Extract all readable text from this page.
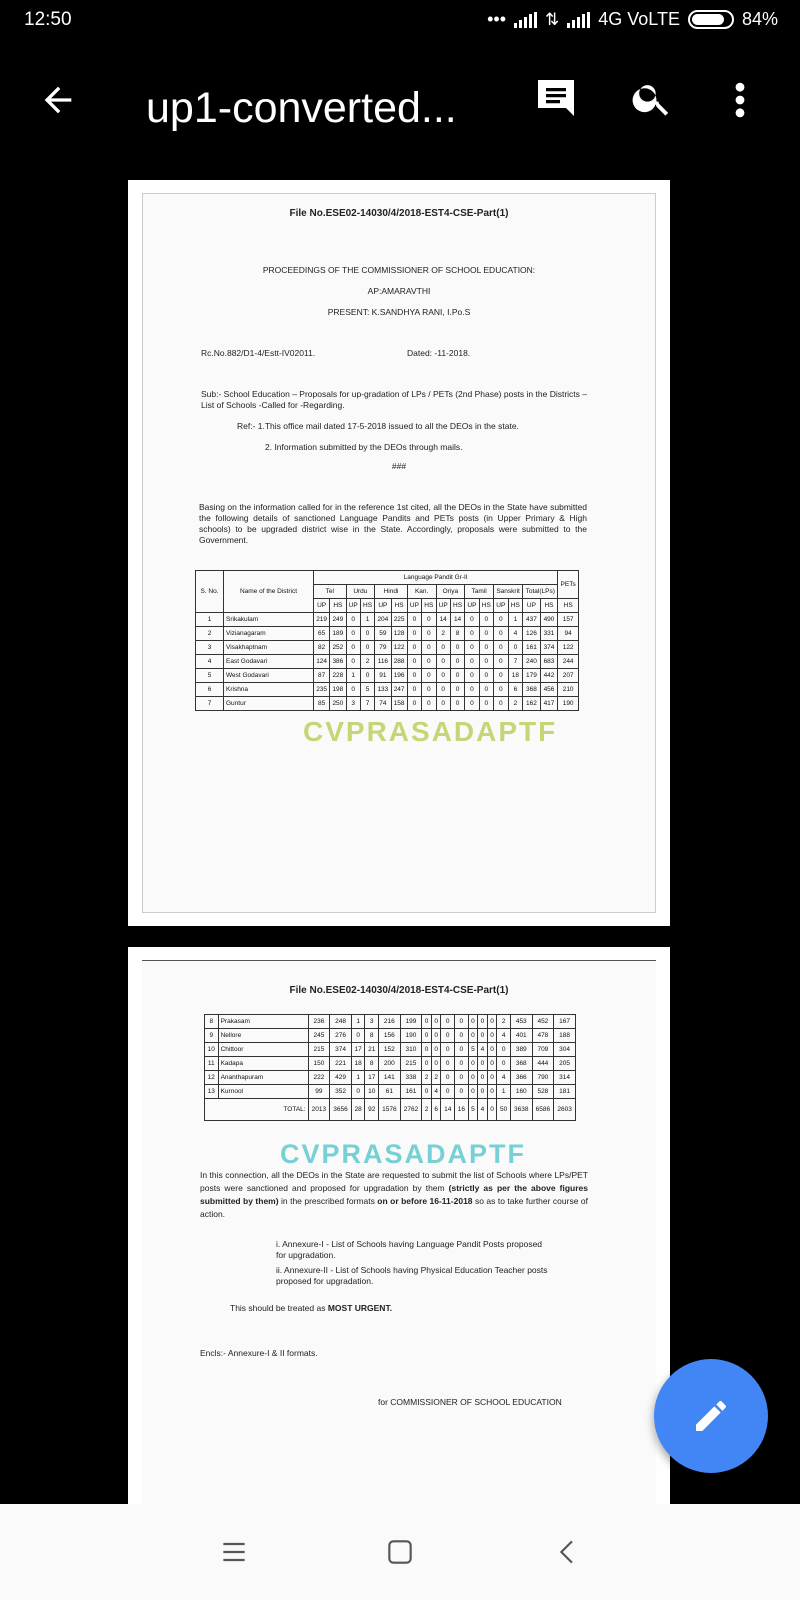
12:50	••• ⇅ 4G VoLTE	84%
up1-converted...
File No.ESE02-14030/4/2018-EST4-CSE-Part(1)
PROCEEDINGS OF THE COMMISSIONER OF SCHOOL EDUCATION:
AP:AMARAVTHI
PRESENT: K.SANDHYA RANI, I.Po.S
Rc.No.882/D1-4/Estt-IV02011.	Dated: -11-2018.
Sub:- School Education – Proposals for up-gradation of LPs / PETs (2nd Phase) posts in the Districts –List of Schools -Called for -Regarding.
Ref:- 1.This office mail dated 17-5-2018 issued to all the DEOs in the state.
2. Information submitted by the DEOs through mails.
###
Basing on the information called for in the reference 1st cited, all the DEOs in the State have submitted the following details of sanctioned Language Pandits and PETs posts (in Upper Primary & High schools) to be upgraded district wise in the State. Accordingly, proposals were submitted to the Government.
S. No.	Name of the District	Language Pandit Gr-II																PETs
		Tel		Urdu		Hindi		Kan.		Oriya		Tamil		Sanskrit		Total(LPs)		
		UP	HS	UP	HS	UP	HS	UP	HS	UP	HS	UP	HS	UP	HS	UP	HS	HS
1	Srikakulam	219	249	0	1	204	225	0	0	14	14	0	0	0	1	437	490	157
2	Vizianagaram	65	189	0	0	59	128	0	0	2	8	0	0	0	4	126	331	94
3	Visakhaptnam	82	252	0	0	79	122	0	0	0	0	0	0	0	0	161	374	122
4	East Godavari	124	386	0	2	116	288	0	0	0	0	0	0	0	7	240	683	244
5	West Godavari	87	228	1	0	91	196	0	0	0	0	0	0	0	18	179	442	207
6	Krishna	235	198	0	5	133	247	0	0	0	0	0	0	0	6	368	456	210
7	Guntur	85	250	3	7	74	158	0	0	0	0	0	0	0	2	162	417	190
CVPRASADAPTF
File No.ESE02-14030/4/2018-EST4-CSE-Part(1)
8	Prakasam	236	248	1	3	216	199	0	0	0	0	0	0	0	2	453	452	167
9	Nellore	245	276	0	8	156	190	0	0	0	0	0	0	0	4	401	478	188
10	Chittoor	215	374	17	21	152	310	0	0	0	0	5	4	0	0	389	709	304
11	Kadapa	150	221	18	8	200	215	0	0	0	0	0	0	0	0	368	444	205
12	Ananthapuram	222	429	1	17	141	338	2	2	0	0	0	0	0	4	366	790	314
13	Kurnool	99	352	0	10	61	161	0	4	0	0	0	0	0	1	160	528	181
TOTAL:		2013	3656	28	92	1576	2762	2	6	14	16	5	4	0	50	3638	6586	2603
CVPRASADAPTF
In this connection, all the DEOs in the State are requested to submit the list of Schools where LPs/PET posts were sanctioned and proposed for upgradation by them (strictly as per the above figures submitted by them) in the prescribed formats on or before 16-11-2018 so as to take further course of action.
i. Annexure-I - List of Schools having Language Pandit Posts proposed for upgradation.
ii. Annexure-II - List of Schools having Physical Education Teacher posts proposed for upgradation.
This should be treated as MOST URGENT.
Encls:- Annexure-I & II formats.
for COMMISSIONER OF SCHOOL EDUCATION
